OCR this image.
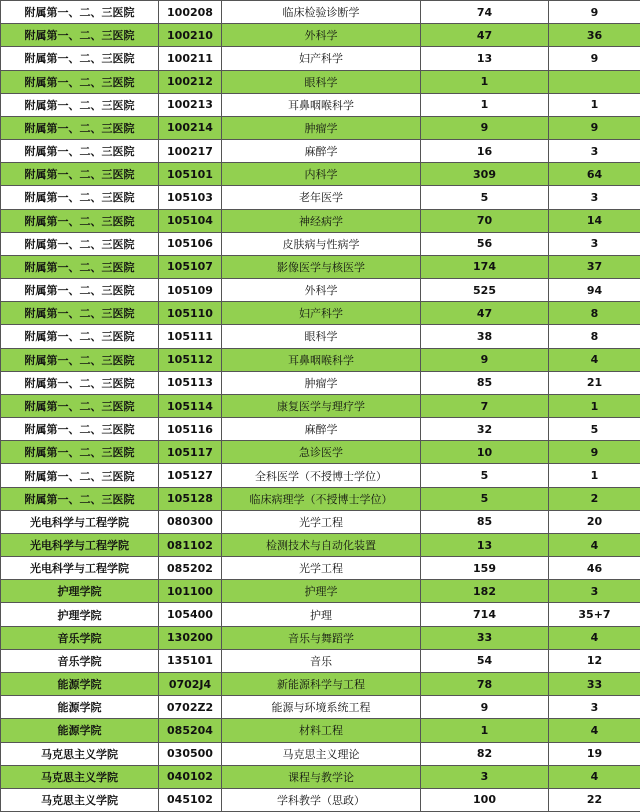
附属第一、二、三医院	100208	临床检验诊断学	74	9
附属第一、二、三医院	100210	外科学	47	36
附属第一、二、三医院	100211	妇产科学	13	9
附属第一、二、三医院	100212	眼科学	1	
附属第一、二、三医院	100213	耳鼻咽喉科学	1	1
附属第一、二、三医院	100214	肿瘤学	9	9
附属第一、二、三医院	100217	麻醉学	16	3
附属第一、二、三医院	105101	内科学	309	64
附属第一、二、三医院	105103	老年医学	5	3
附属第一、二、三医院	105104	神经病学	70	14
附属第一、二、三医院	105106	皮肤病与性病学	56	3
附属第一、二、三医院	105107	影像医学与核医学	174	37
附属第一、二、三医院	105109	外科学	525	94
附属第一、二、三医院	105110	妇产科学	47	8
附属第一、二、三医院	105111	眼科学	38	8
附属第一、二、三医院	105112	耳鼻咽喉科学	9	4
附属第一、二、三医院	105113	肿瘤学	85	21
附属第一、二、三医院	105114	康复医学与理疗学	7	1
附属第一、二、三医院	105116	麻醉学	32	5
附属第一、二、三医院	105117	急诊医学	10	9
附属第一、二、三医院	105127	全科医学（不授博士学位）	5	1
附属第一、二、三医院	105128	临床病理学（不授博士学位）	5	2
光电科学与工程学院	080300	光学工程	85	20
光电科学与工程学院	081102	检测技术与自动化装置	13	4
光电科学与工程学院	085202	光学工程	159	46
护理学院	101100	护理学	182	3
护理学院	105400	护理	714	35+7
音乐学院	130200	音乐与舞蹈学	33	4
音乐学院	135101	音乐	54	12
能源学院	0702J4	新能源科学与工程	78	33
能源学院	0702Z2	能源与环境系统工程	9	3
能源学院	085204	材料工程	1	4
马克思主义学院	030500	马克思主义理论	82	19
马克思主义学院	040102	课程与教学论	3	4
马克思主义学院	045102	学科教学（思政）	100	22
